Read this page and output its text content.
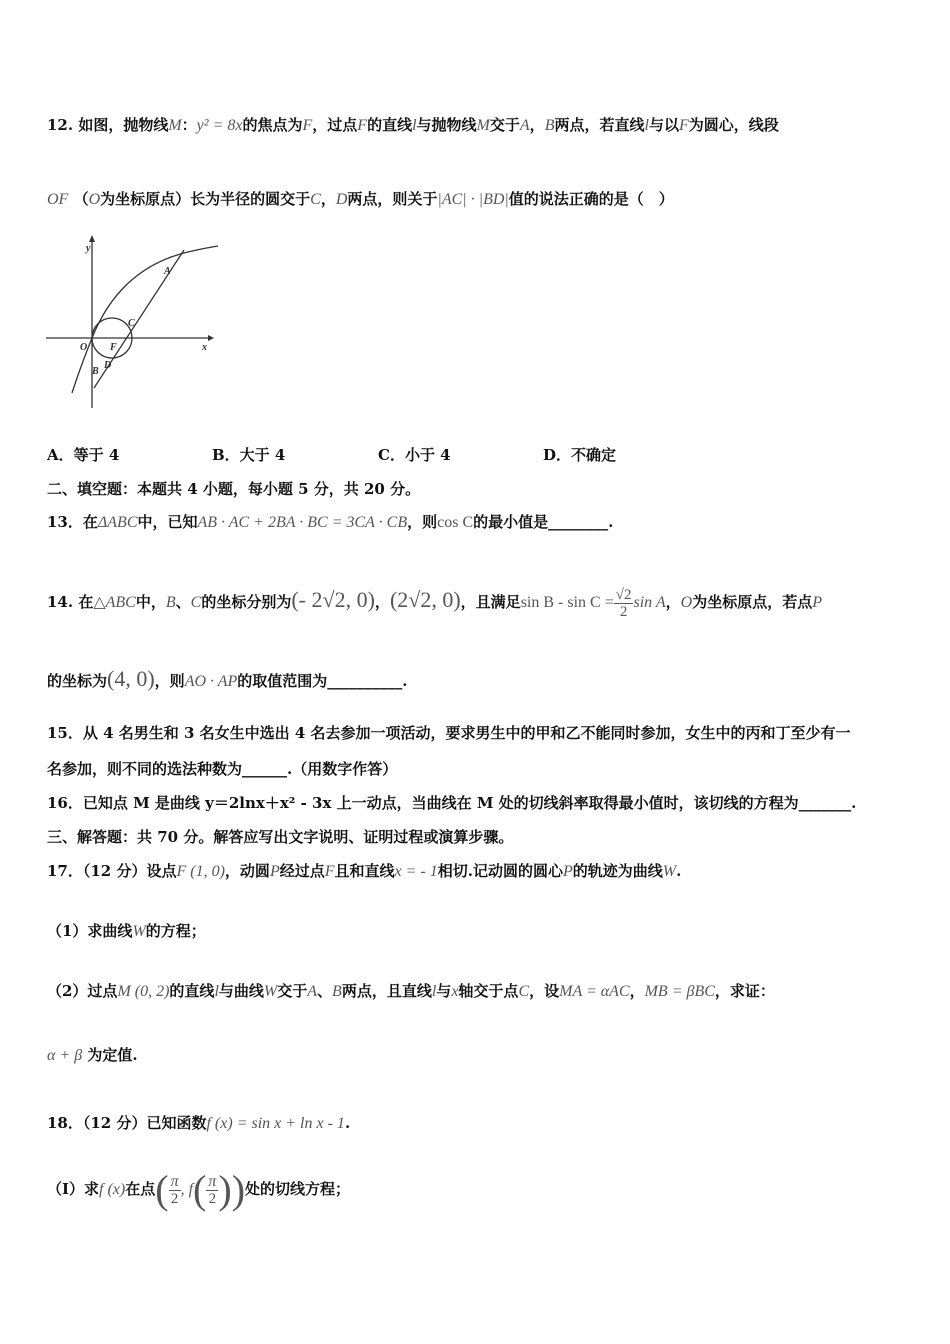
12. 如图，抛物线M：y² = 8x的焦点为F，过点F的直线l与抛物线M交于A，B两点，若直线l与以F为圆心，线段
OF （O为坐标原点）长为半径的圆交于C，D两点，则关于|AC| · |BD|值的说法正确的是（　）
y
x
O F
A
C
D
B
A．等于 4	B．大于 4	C．小于 4	D．不确定
二、填空题：本题共 4 小题，每小题 5 分，共 20 分。
13．在ΔABC中，已知AB · AC + 2BA · BC = 3CA · CB，则cos C的最小值是________.
14. 在△ABC中，B、C的坐标分别为(- 2√2, 0)，(2√2, 0)，且满足$\sin B - \sin C = \frac{√2}{2}$ sin A，O为坐标原点，若点P
的坐标为(4, 0)，则AO · AP的取值范围为__________.
15．从 4 名男生和 3 名女生中选出 4 名去参加一项活动，要求男生中的甲和乙不能同时参加，女生中的丙和丁至少有一
名参加，则不同的选法种数为______.（用数字作答）
16．已知点 M 是曲线 y＝2lnx＋x² - 3x 上一动点，当曲线在 M 处的切线斜率取得最小值时，该切线的方程为_______.
三、解答题：共 70 分。解答应写出文字说明、证明过程或演算步骤。
17．（12 分）设点F (1, 0)，动圆P经过点F且和直线x = - 1相切.记动圆的圆心P的轨迹为曲线W.
（1）求曲线W的方程；
（2）过点M (0, 2)的直线l与曲线W交于A、B两点，且直线l与x轴交于点C，设MA = αAC，MB = βBC，求证：
α + β 为定值.
18．（12 分）已知函数f (x) = sin x + ln x - 1.
（Ⅰ）求f (x)在点( $\frac{\pi}{2}$ , $f( \frac{\pi}{2}$ ))处的切线方程；
